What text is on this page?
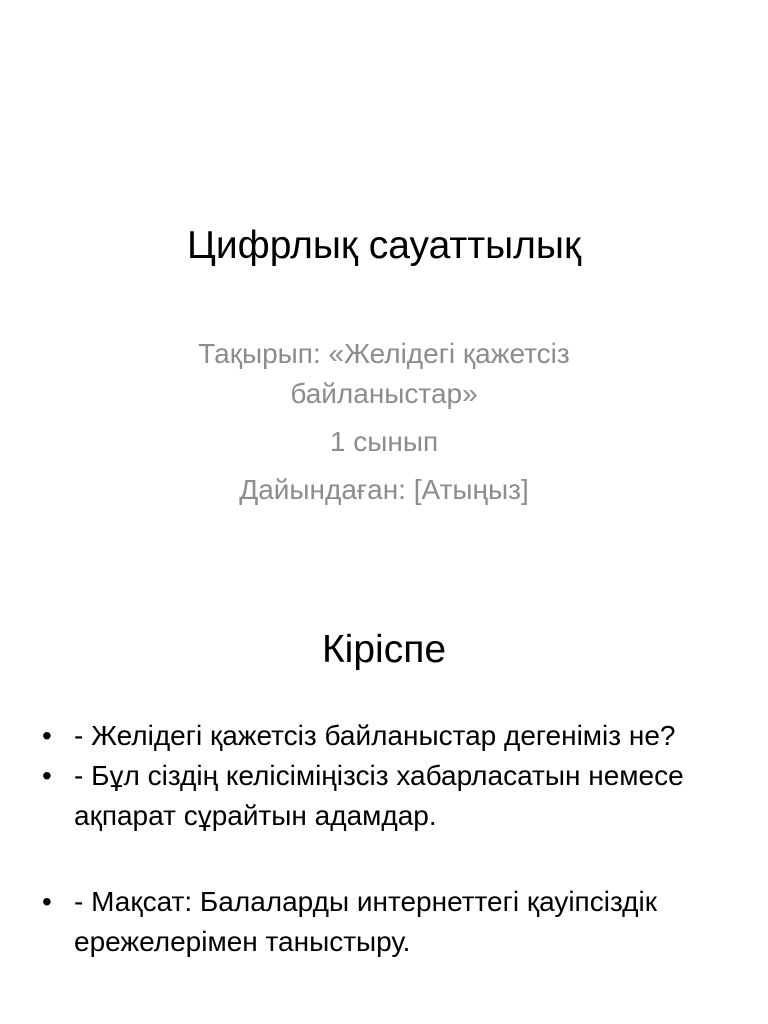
Цифрлық сауаттылық
Тақырып: «Желідегі қажетсіз байланыстар»
1 сынып
Дайындаған: [Атыңыз]
Кіріспе
• - Желідегі қажетсіз байланыстар дегеніміз не?
• - Бұл сіздің келісіміңізсіз хабарласатын немесе ақпарат сұрайтын адамдар.
• - Мақсат: Балаларды интернеттегі қауіпсіздік ережелерімен таныстыру.
